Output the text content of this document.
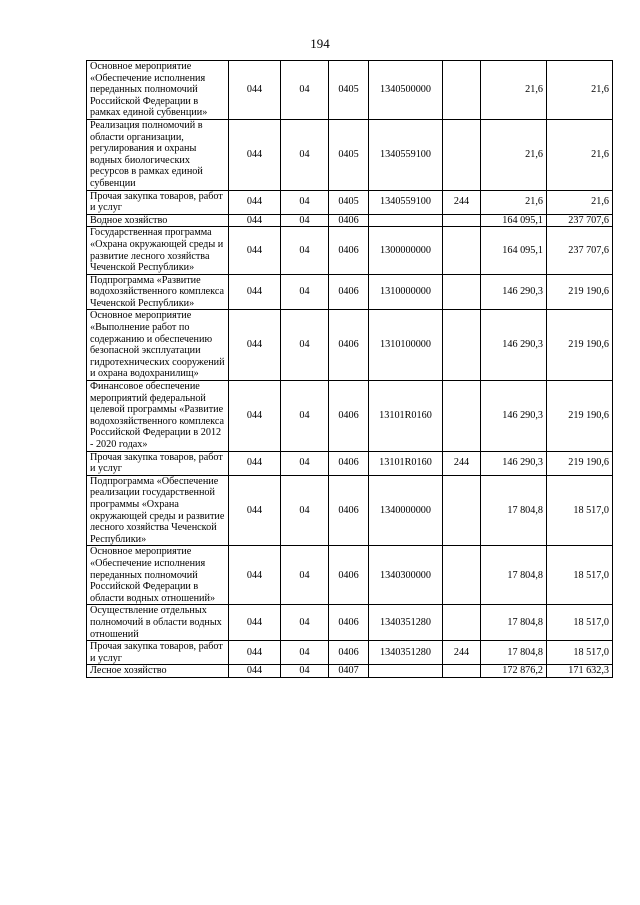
194
Основное мероприятие «Обеспечение исполнения переданных полномочий Российской Федерации в рамках единой субвенции»	044	04	0405	1340500000		21,6	21,6
Реализация полномочий в области организации, регулирования и охраны водных биологических ресурсов в рамках единой субвенции	044	04	0405	1340559100		21,6	21,6
Прочая закупка товаров, работ и услуг	044	04	0405	1340559100	244	21,6	21,6
Водное хозяйство	044	04	0406			164 095,1	237 707,6
Государственная программа «Охрана окружающей среды и развитие лесного хозяйства Чеченской Республики»	044	04	0406	1300000000		164 095,1	237 707,6
Подпрограмма «Развитие водохозяйственного комплекса Чеченской Республики»	044	04	0406	1310000000		146 290,3	219 190,6
Основное мероприятие «Выполнение работ по содержанию и обеспечению безопасной эксплуатации гидротехнических сооружений и охрана водохранилищ»	044	04	0406	1310100000		146 290,3	219 190,6
Финансовое обеспечение мероприятий федеральной целевой программы «Развитие водохозяйственного комплекса Российской Федерации в 2012 - 2020 годах»	044	04	0406	13101R0160		146 290,3	219 190,6
Прочая закупка товаров, работ и услуг	044	04	0406	13101R0160	244	146 290,3	219 190,6
Подпрограмма «Обеспечение реализации государственной программы «Охрана окружающей среды и развитие лесного хозяйства Чеченской Республики»	044	04	0406	1340000000		17 804,8	18 517,0
Основное мероприятие «Обеспечение исполнения переданных полномочий Российской Федерации в области водных отношений»	044	04	0406	1340300000		17 804,8	18 517,0
Осуществление отдельных полномочий в области водных отношений	044	04	0406	1340351280		17 804,8	18 517,0
Прочая закупка товаров, работ и услуг	044	04	0406	1340351280	244	17 804,8	18 517,0
Лесное хозяйство	044	04	0407			172 876,2	171 632,3
